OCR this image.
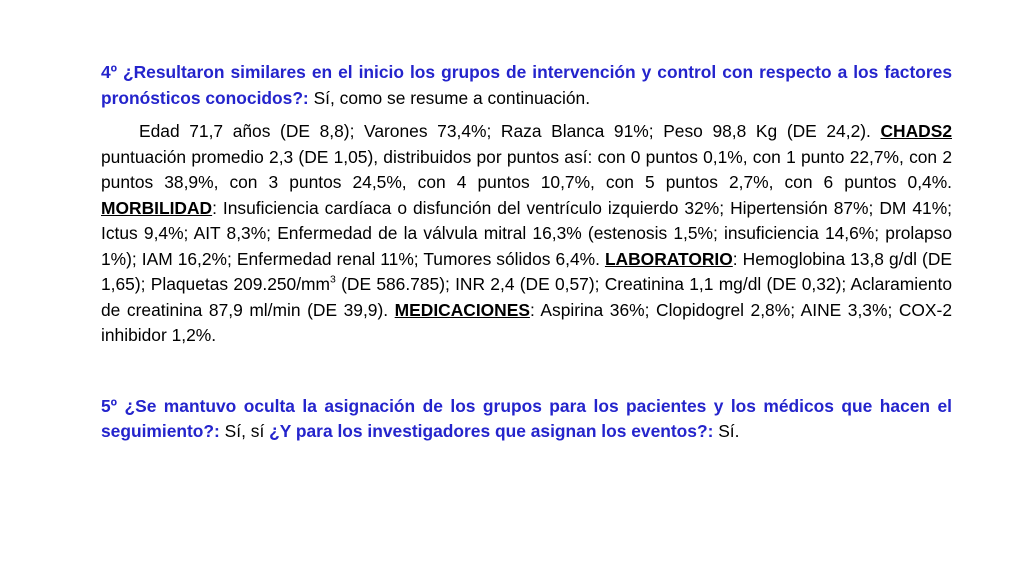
4º ¿Resultaron similares en el inicio los grupos de intervención y control con respecto a los factores pronósticos conocidos?: Sí, como se resume a continuación.

Edad 71,7 años (DE 8,8); Varones 73,4%; Raza Blanca 91%; Peso 98,8 Kg (DE 24,2). CHADS2 puntuación promedio 2,3 (DE 1,05), distribuidos por puntos así: con 0 puntos 0,1%, con 1 punto 22,7%, con 2 puntos 38,9%, con 3 puntos 24,5%, con 4 puntos 10,7%, con 5 puntos 2,7%, con 6 puntos 0,4%. MORBILIDAD: Insuficiencia cardíaca o disfunción del ventrículo izquierdo 32%; Hipertensión 87%; DM 41%; Ictus 9,4%; AIT 8,3%; Enfermedad de la válvula mitral 16,3% (estenosis 1,5%; insuficiencia 14,6%; prolapso 1%); IAM 16,2%; Enfermedad renal 11%; Tumores sólidos 6,4%. LABORATORIO: Hemoglobina 13,8 g/dl (DE 1,65); Plaquetas $209.250/mm^3$ (DE 586.785); INR 2,4 (DE 0,57); Creatinina 1,1 mg/dl (DE 0,32); Aclaramiento de creatinina 87,9 ml/min (DE 39,9). MEDICACIONES: Aspirina 36%; Clopidogrel 2,8%; AINE 3,3%; COX-2 inhibidor 1,2%.

5º ¿Se mantuvo oculta la asignación de los grupos para los pacientes y los médicos que hacen el seguimiento?: Sí, sí ¿Y para los investigadores que asignan los eventos?: Sí.
